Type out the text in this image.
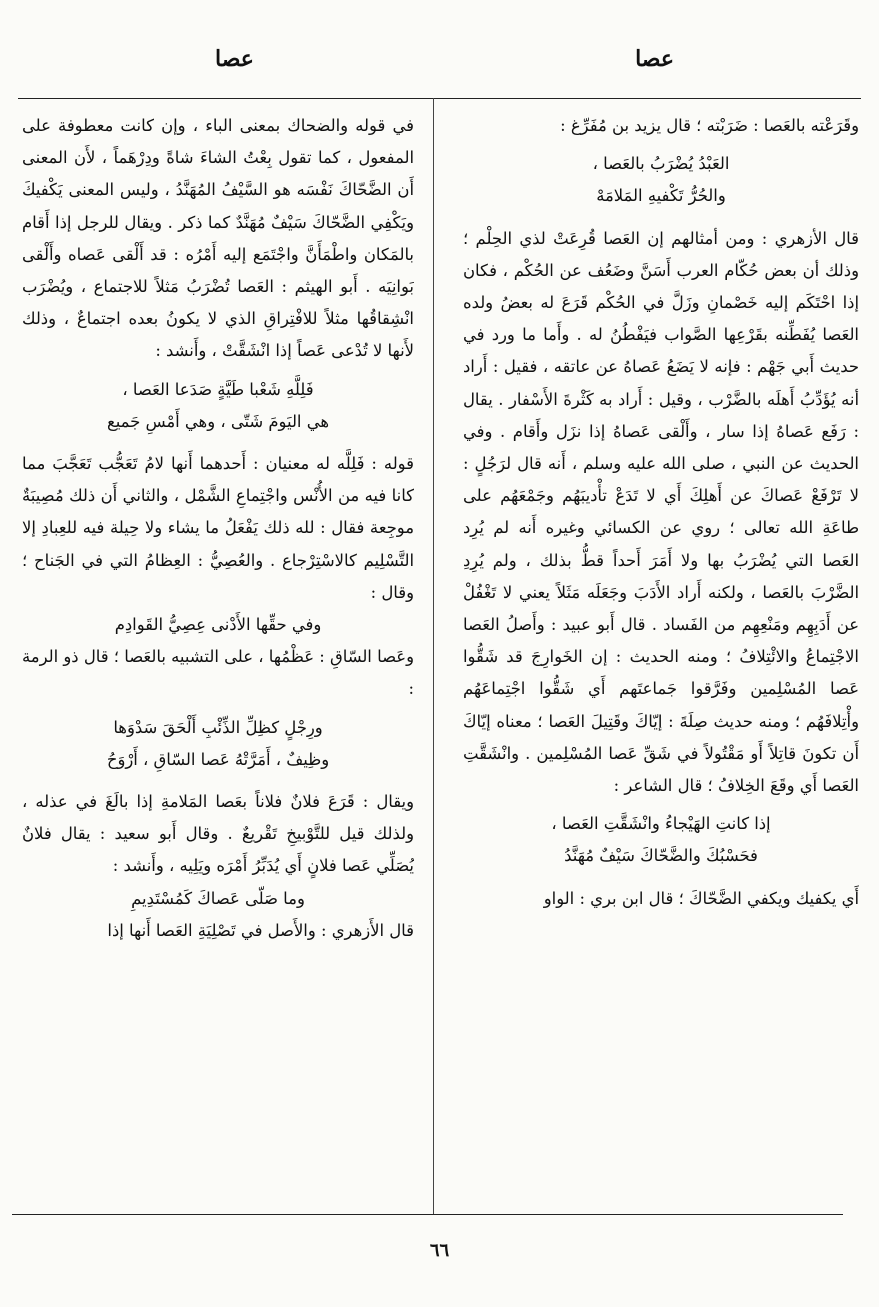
عصا
عصا

وقَرَعْته بالعَصا : ضَرَبْته ؛ قال يزيد بن مُفَرِّغ :

العَبْدُ يُضْرَبُ بالعَصا ،

والحُرُّ تَكْفيهِ المَلامَهْ

قال الأزهري : ومن أمثالهم إن العَصا قُرِعَتْ لذي الحِلْم ؛ وذلك أن بعض حُكّام العرب أَسَنَّ وضَعُف عن الحُكْم ، فكان إذا احْتَكَم إليه خَصْمانِ وزَلَّ في الحُكْم قَرَعَ له بعضُ ولده العَصا يُفَطِّنه بقَرْعِها الصَّواب فيَفْطُنُ له . وأَما ما ورد في حديث أَبي جَهْم : فإنه لا يَضَعُ عَصاهُ عن عاتقه ، فقيل : أَراد أنه يُؤَدِّبُ أَهلَه بالضَّرْب ، وقيل : أَراد به كَثْرةَ الأَسْفار . يقال : رَفَع عَصاهُ إذا سار ، وأَلْقى عَصاهُ إذا نزَل وأَقام . وفي الحديث عن النبي ، صلى الله عليه وسلم ، أَنه قال لرَجُلٍ : لا تَرْفَعْ عَصاكَ عن أَهلِكَ أَي لا تَدَعْ تأْديبَهُم وجَمْعَهُم على طاعَةِ الله تعالى ؛ روي عن الكسائي وغيره أَنه لم يُرِد العَصا التي يُضْرَبُ بها ولا أَمَرَ أَحداً قطُّ بذلك ، ولم يُرِدِ الضَّرْبَ بالعَصا ، ولكنه أَراد الأَدَبَ وجَعَلَه مَثَلاً يعني لا تَغْفُلْ عن أَدَبِهِم ومَنْعِهِم من الفَساد . قال أَبو عبيد : وأَصلُ العَصا الاجْتِماعُ والائْتِلافُ ؛ ومنه الحديث : إن الخَوارِجَ قد شَقُّوا عَصا المُسْلِمين وفَرَّقوا جَماعتَهم أَي شَقُّوا اجْتِماعَهُم وأْتِلافَهُم ؛ ومنه حديث صِلَةَ : إيّاكَ وقَتِيلَ العَصا ؛ معناه إيّاكَ أَن تكونَ قاتِلاً أَو مَقْتُولاً في شَقِّ عَصا المُسْلِمين . وانْشَقَّتِ العَصا أَي وقَعَ الخِلافُ ؛ قال الشاعر :

إذا كانتِ الهَيْجاءُ وانْشَقَّتِ العَصا ،

فحَسْبُكَ والضَّحّاكَ سَيْفٌ مُهَنَّدُ

أَي يكفيك ويكفي الضَّحّاكَ ؛ قال ابن بري : الواو

في قوله والضحاك بمعنى الباء ، وإن كانت معطوفة على المفعول ، كما تقول بِعْتُ الشاءَ شاةً ودِرْهَماً ، لأَن المعنى أَن الضَّحّاكَ نَفْسَه هو السَّيْفُ المُهَنَّدُ ، وليس المعنى يَكْفيكَ ويَكْفِي الضَّحّاكَ سَيْفٌ مُهَنَّدٌ كما ذكر . ويقال للرجل إذا أَقام بالمَكان واطْمَأَنَّ واجْتَمَع إليه أَمْرُه : قد أَلْقى عَصاه وأَلْقى بَوانِيَه . أَبو الهيثم : العَصا تُضْرَبُ مَثلاً للاجتماع ، ويُضْرَب انْشِقاقُها مثلاً للافْتِراقِ الذي لا يكونُ بعده اجتماعٌ ، وذلك لأَنها لا تُدْعى عَصاً إذا انْشَقَّتْ ، وأَنشد :

فَلِلَّهِ شَعْبا طَيَّةٍ صَدَعا العَصا ،

هي اليَومَ شَتّى ، وهي أَمْسِ جَميع

قوله : فَلِلَّه له معنيان : أَحدهما أَنها لامُ تَعَجُّب تَعَجَّبَ مما كانا فيه من الأُنْس واجْتِماعِ الشَّمْل ، والثاني أَن ذلك مُصِيبَةٌ موجِعة فقال : لله ذلك يَفْعَلُ ما يشاء ولا حِيلة فيه للعِبادِ إلا التَّسْلِيم كالاسْتِرْجاع . والعُصِيُّ : العِظامُ التي في الجَناح ؛ وقال :

وفي حقِّها الأَدْنى عِصِيُّ القَوادِم

وعَصا السّاقِ : عَظْمُها ، على التشبيه بالعَصا ؛ قال ذو الرمة :

ورِجْلٍ كظِلِّ الذِّئْبِ أَلْحَقَ سَدْوَها

وظِيفٌ ، أَمَرَّتْهُ عَصا السّاقِ ، أَرْوَحُ

ويقال : قَرَعَ فلانٌ فلاناً بعَصا المَلامةِ إذا بالَغَ في عذله ، ولذلك قيل للتَّوْبيخِ تَقْريعٌ . وقال أَبو سعيد : يقال فلانٌ يُصَلِّي عَصا فلانٍ أَي يُدَبِّرُ أَمْرَه ويَلِيه ، وأَنشد :

وما صَلّى عَصاكَ كَمُسْتَدِيمِ

قال الأَزهري : والأَصل في تَصْلِيَةِ العَصا أَنها إذا

٦٦
